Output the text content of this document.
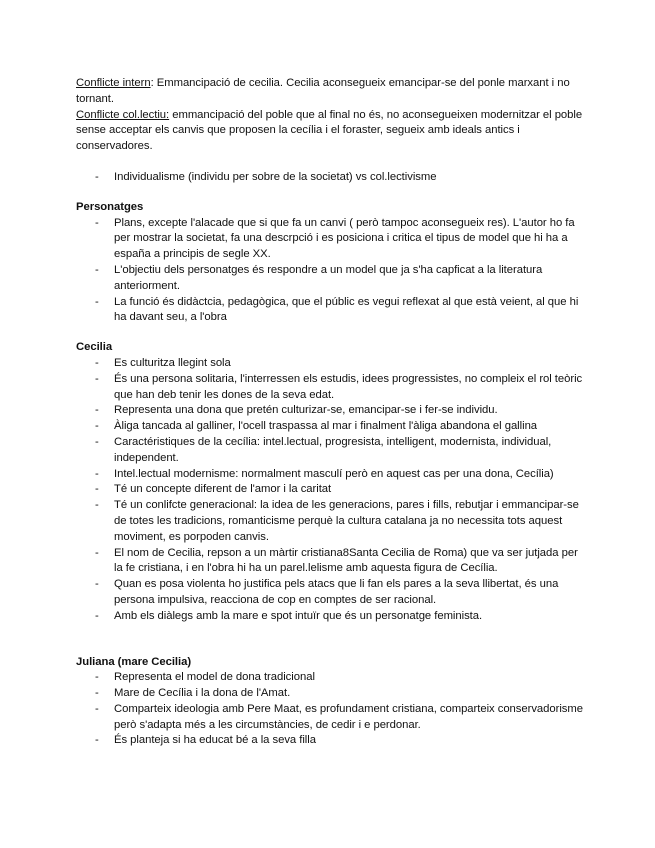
Conflicte intern: Emmancipació de cecilia. Cecilia aconsegueix emancipar-se del ponle marxant i no tornant.

Conflicte col.lectiu: emmancipació del poble que al final no és, no aconsegueixen modernitzar el poble sense acceptar els canvis que proposen la cecília i el foraster, segueix amb ideals antics i conservadores.

- Individualisme (individu per sobre de la societat) vs col.lectivisme

Personatges

- Plans, excepte l'alacade que si que fa un canvi ( però tampoc aconsegueix res). L'autor ho fa per mostrar la societat, fa una descrpció i es posiciona i critica el tipus de model que hi ha a españa a principis de segle XX.
- L'objectiu dels personatges és respondre a un model que ja s'ha capficat a la literatura anteriorment.
- La funció és didàctcia, pedagògica, que el públic es vegui reflexat al que està veient, al que hi ha davant seu, a l'obra

Cecilia

- Es culturitza llegint sola
- És una persona solitaria, l'interressen els estudis, idees progressistes, no compleix el rol teòric que han deb tenir les dones de la seva edat.
- Representa una dona que pretén culturizar-se, emancipar-se i fer-se individu.
- Àliga tancada al galliner, l'ocell traspassa al mar i finalment l'àliga abandona el gallina
- Caractéristiques de la cecília: intel.lectual, progresista, intelligent, modernista, individual, independent.
- Intel.lectual modernisme: normalment masculí però en aquest cas per una dona, Cecília)
- Té un concepte diferent de l'amor i la caritat
- Té un conlifcte generacional: la idea de les generacions, pares i fills, rebutjar i emmancipar-se de totes les tradicions, romanticisme perquè la cultura catalana ja no necessita tots aquest moviment, es porpoden canvis.
- El nom de Cecilia, repson a un màrtir cristiana8Santa Cecilia de Roma) que va ser jutjada per la fe cristiana, i en l'obra hi ha un parel.lelisme amb aquesta figura de Cecília.
- Quan es posa violenta ho justifica pels atacs que li fan els pares a la seva llibertat, és una persona impulsiva, reacciona de cop en comptes de ser racional.
- Amb els diàlegs amb la mare e spot intuïr que és un personatge feminista.

Juliana (mare Cecilia)

- Representa el model de dona tradicional
- Mare de Cecília i la dona de l'Amat.
- Comparteix ideologia amb Pere Maat, es profundament cristiana, comparteix conservadorisme però s'adapta més a les circumstàncies, de cedir i e perdonar.
- És planteja si ha educat bé a la seva filla
